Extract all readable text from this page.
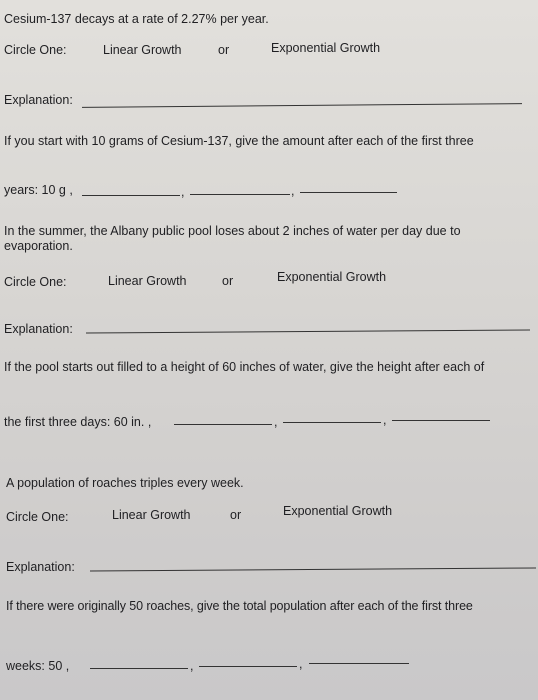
Cesium-137 decays at a rate of 2.27% per year.
Circle One:	Linear Growth	or	Exponential Growth
Explanation:
If you start with 10 grams of Cesium-137, give the amount after each of the first three
years: 10 g ,	,	,
In the summer, the Albany public pool loses about 2 inches of water per day due to evaporation.
Circle One:	Linear Growth	or	Exponential Growth
Explanation:
If the pool starts out filled to a height of 60 inches of water, give the height after each of
the first three days: 60 in. ,	,	,
A population of roaches triples every week.
Circle One:	Linear Growth	or	Exponential Growth
Explanation:
If there were originally 50 roaches, give the total population after each of the first three
weeks: 50 ,	,	,
